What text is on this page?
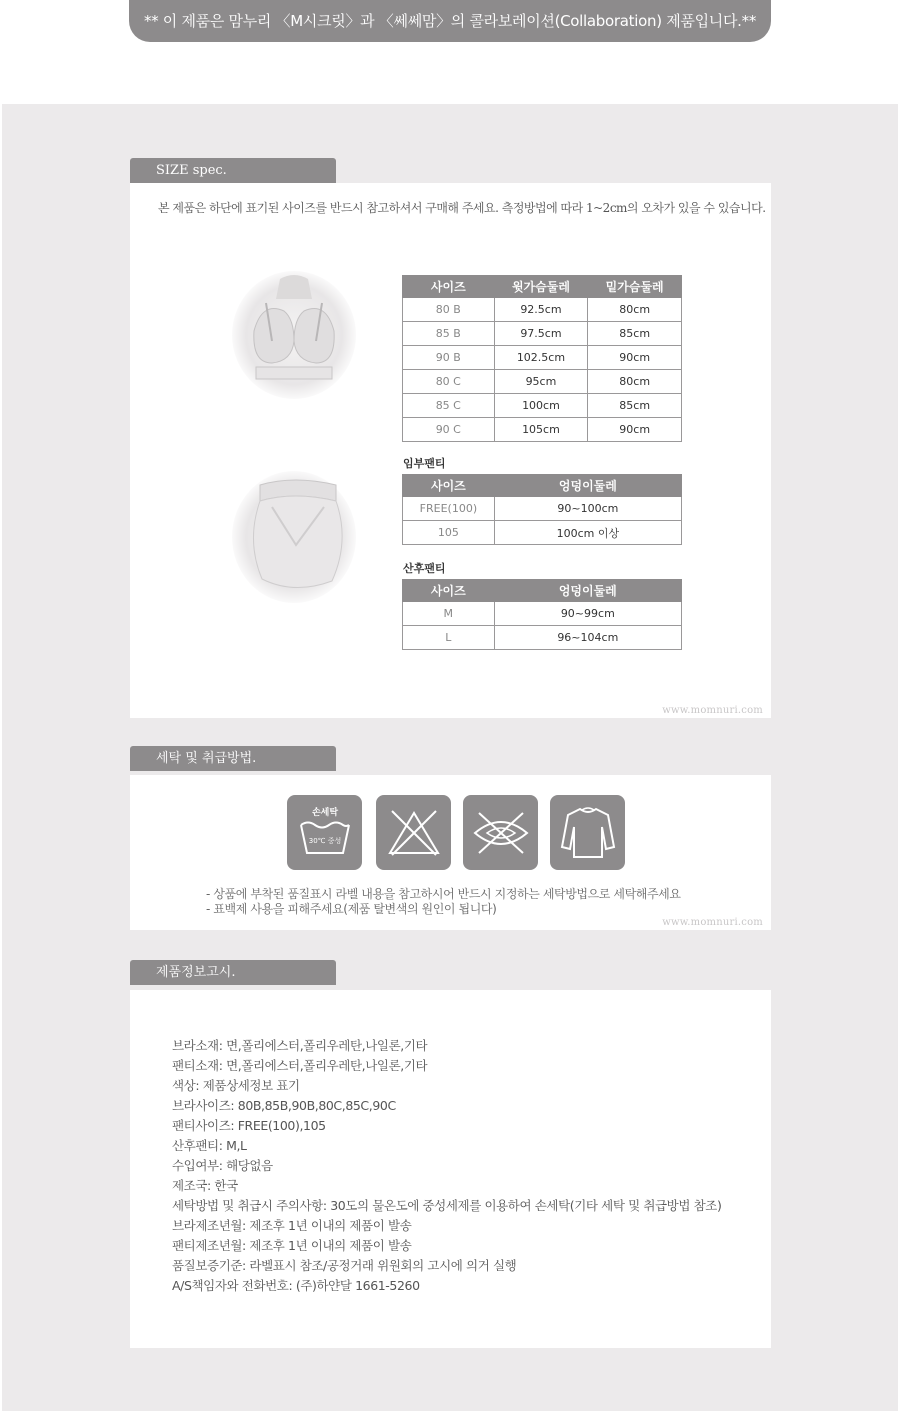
** 이 제품은 맘누리 〈M시크릿〉과 〈쎄쎄맘〉의 콜라보레이션(Collaboration) 제품입니다.**
SIZE spec.
본 제품은 하단에 표기된 사이즈를 반드시 참고하셔서 구매해 주세요. 측정방법에 따라 1~2cm의 오차가 있을 수 있습니다.
사이즈	윗가슴둘레	밑가슴둘레
80 B	92.5cm	80cm
85 B	97.5cm	85cm
90 B	102.5cm	90cm
80 C	95cm	80cm
85 C	100cm	85cm
90 C	105cm	90cm
임부팬티
사이즈	엉덩이둘레
FREE(100)	90~100cm
105	100cm 이상
산후팬티
사이즈	엉덩이둘레
M	90~99cm
L	96~104cm
www.momnuri.com
세탁 및 취급방법.
손세탁
30℃ 중성
- 상품에 부착된 품질표시 라벨 내용을 참고하시어 반드시 지정하는 세탁방법으로 세탁해주세요
- 표백제 사용을 피해주세요(제품 탈변색의 원인이 됩니다)
www.momnuri.com
제품정보고시.
브라소재: 면,폴리에스터,폴리우레탄,나일론,기타
팬티소재: 면,폴리에스터,폴리우레탄,나일론,기타
색상: 제품상세정보 표기
브라사이즈: 80B,85B,90B,80C,85C,90C
팬티사이즈: FREE(100),105
산후팬티: M,L
수입여부: 해당없음
제조국: 한국
세탁방법 및 취급시 주의사항: 30도의 물온도에 중성세제를 이용하여 손세탁(기타 세탁 및 취급방법 참조)
브라제조년월: 제조후 1년 이내의 제품이 발송
팬티제조년월: 제조후 1년 이내의 제품이 발송
품질보증기준: 라벨표시 참조/공정거래 위원회의 고시에 의거 실행
A/S책임자와 전화번호: (주)하얀달 1661-5260
